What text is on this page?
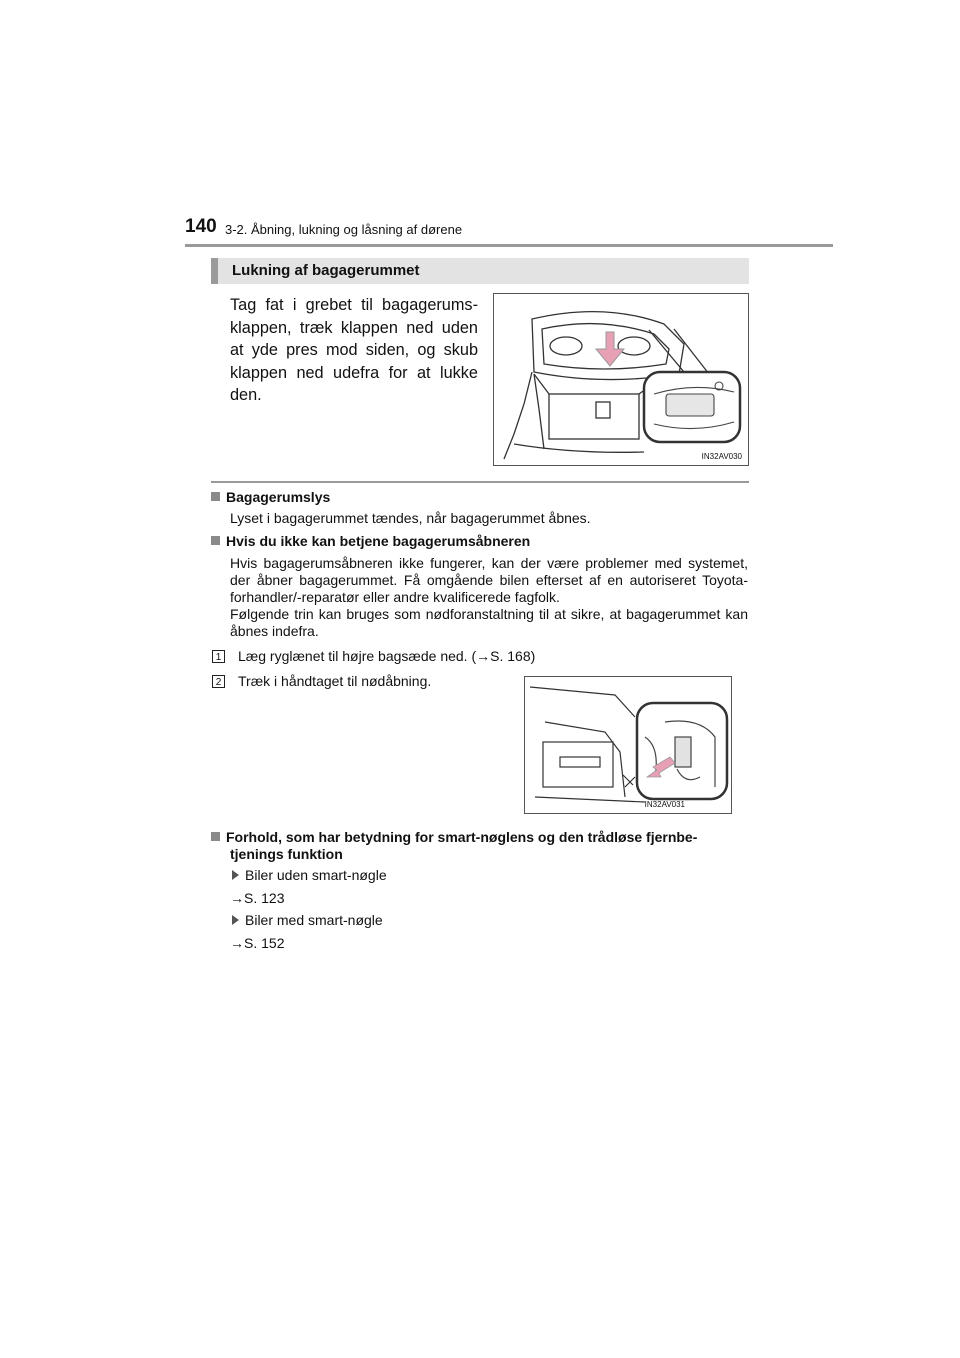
140 3-2. Åbning, lukning og låsning af dørene
Lukning af bagagerummet
Tag fat i grebet til bagagerums-klappen, træk klappen ned uden at yde pres mod siden, og skub klappen ned udefra for at lukke den.
IN32AV030
Bagagerumslys
Lyset i bagagerummet tændes, når bagagerummet åbnes.
Hvis du ikke kan betjene bagagerumsåbneren
Hvis bagagerumsåbneren ikke fungerer, kan der være problemer med systemet, der åbner bagagerummet. Få omgående bilen efterset af en autoriseret Toyota-forhandler/-reparatør eller andre kvalificerede fagfolk.
Følgende trin kan bruges som nødforanstaltning til at sikre, at bagagerummet kan åbnes indefra.
1 Læg ryglænet til højre bagsæde ned. (→S. 168)
2 Træk i håndtaget til nødåbning.
IN32AV031
Forhold, som har betydning for smart-nøglens og den trådløse fjernbe-
tjenings funktion
Biler uden smart-nøgle
→S. 123
Biler med smart-nøgle
→S. 152
